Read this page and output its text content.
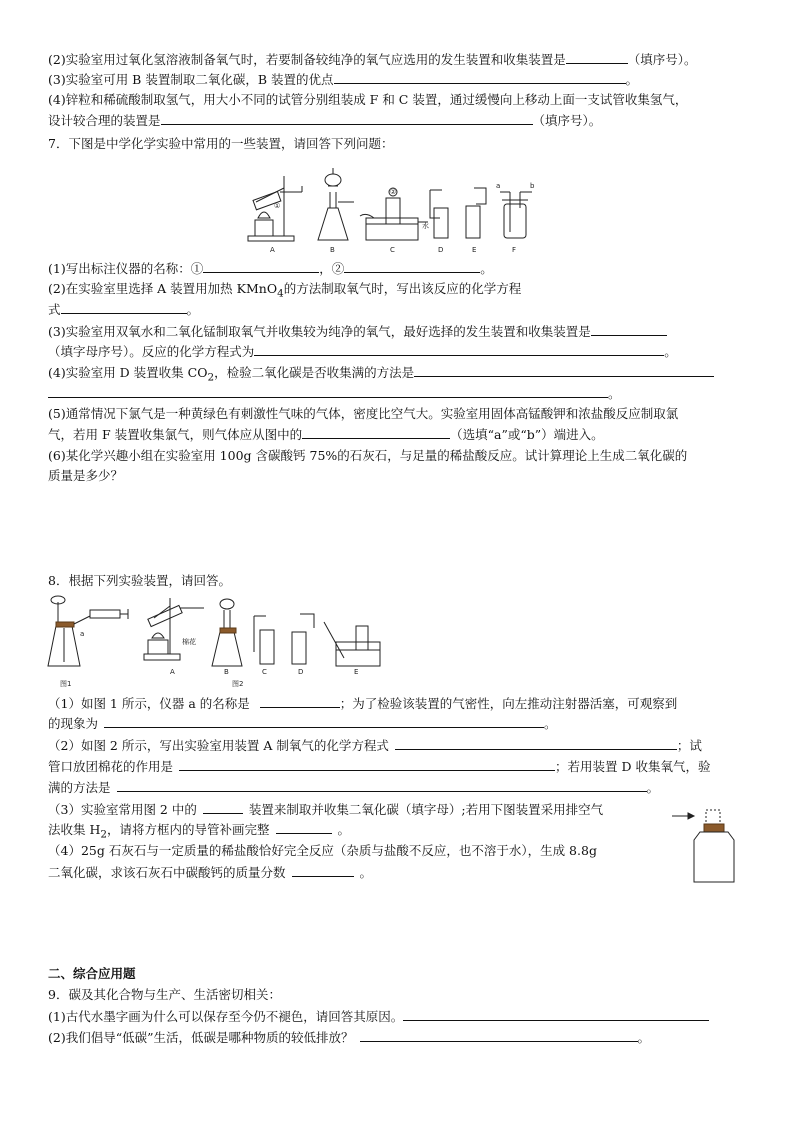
(2)实验室用过氧化氢溶液制备氧气时，若要制备较纯净的氧气应选用的发生装置和收集装置是	（填序号）。
(3)实验室可用 B 装置制取二氧化碳，B 装置的优点	。
(4)锌粒和稀硫酸制取氢气，用大小不同的试管分别组装成 F 和 C 装置，通过缓慢向上移动上面一支试管收集氢气，
设计较合理的装置是	（填序号）。
7．下图是中学化学实验中常用的一些装置，请回答下列问题：
A	B	C	D	E	F
①
②
水
a	b
(1)写出标注仪器的名称：①	，②	。
(2)在实验室里选择 A 装置用加热 KMnO$_4$的方法制取氧气时，写出该反应的化学方程
式	。
(3)实验室用双氧水和二氧化锰制取氧气并收集较为纯净的氧气，最好选择的发生装置和收集装置是
（填字母序号）。反应的化学方程式为	。
(4)实验室用 D 装置收集 $CO_2$，检验二氧化碳是否收集满的方法是
。
(5)通常情况下氯气是一种黄绿色有刺激性气味的气体，密度比空气大。实验室用固体高锰酸钾和浓盐酸反应制取氯
气，若用 F 装置收集氯气，则气体应从图中的	（选填“a”或“b”）端进入。
(6)某化学兴趣小组在实验室用 100g 含碳酸钙 75%的石灰石，与足量的稀盐酸反应。试计算理论上生成二氧化碳的
质量是多少？
8．根据下列实验装置，请回答。
a
棉花
A	B	C	D	E
图1	图2
（1）如图 1 所示，仪器 a 的名称是	；为了检验该装置的气密性，向左推动注射器活塞，可观察到
的现象为	。
（2）如图 2 所示，写出实验室用装置 A 制氧气的化学方程式	；试
管口放团棉花的作用是	；若用装置 D 收集氧气，验
满的方法是	。
（3）实验室常用图 2 中的	装置来制取并收集二氧化碳（填字母）;若用下图装置采用排空气
法收集 $H_2$，请将方框内的导管补画完整	。
（4）25g 石灰石与一定质量的稀盐酸恰好完全反应（杂质与盐酸不反应，也不溶于水），生成 8.8g
二氧化碳，求该石灰石中碳酸钙的质量分数	。
二、综合应用题
9．碳及其化合物与生产、生活密切相关：
(1)古代水墨字画为什么可以保存至今仍不褪色，请回答其原因。
(2)我们倡导“低碳”生活，低碳是哪种物质的较低排放？	。
